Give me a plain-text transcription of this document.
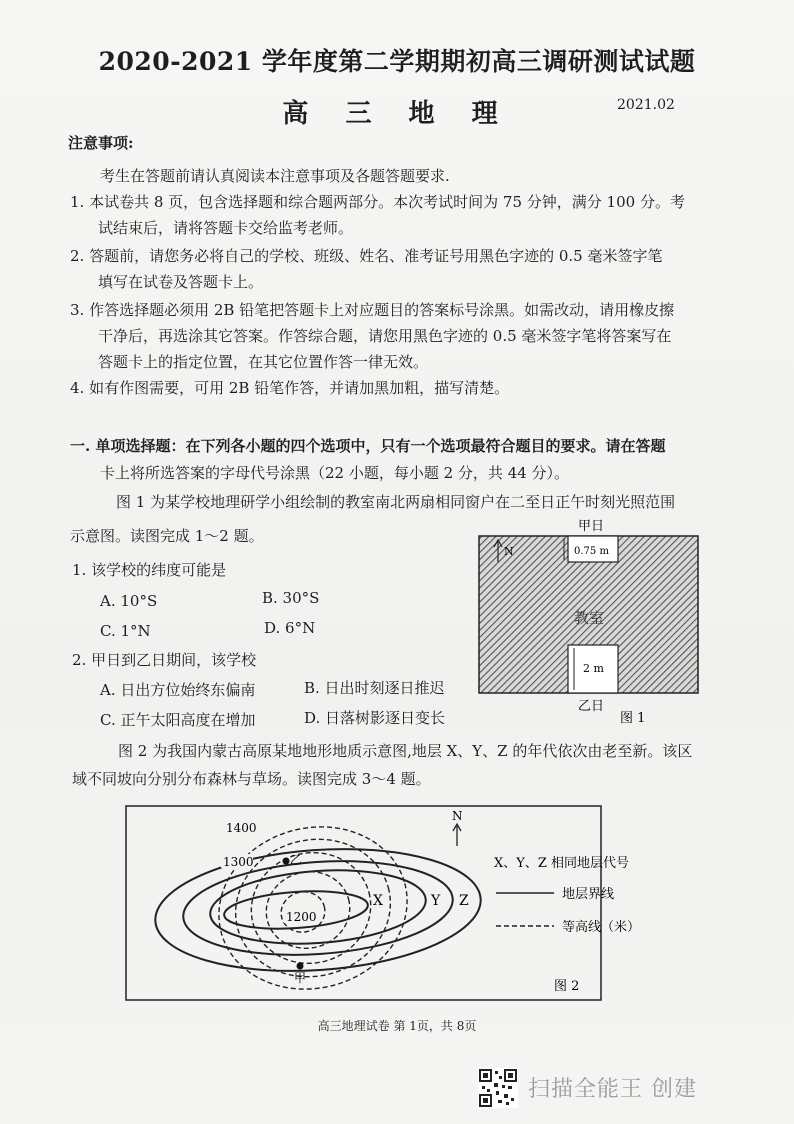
2020-2021 学年度第二学期期初高三调研测试试题
高 三 地 理	2021.02
注意事项:
考生在答题前请认真阅读本注意事项及各题答题要求.
1. 本试卷共 8 页，包含选择题和综合题两部分。本次考试时间为 75 分钟，满分 100 分。考
试结束后，请将答题卡交给监考老师。
2. 答题前，请您务必将自己的学校、班级、姓名、准考证号用黑色字迹的 0.5 毫米签字笔
填写在试卷及答题卡上。
3. 作答选择题必须用 2B 铅笔把答题卡上对应题目的答案标号涂黑。如需改动，请用橡皮擦
干净后，再选涂其它答案。作答综合题，请您用黑色字迹的 0.5 毫米签字笔将答案写在
答题卡上的指定位置，在其它位置作答一律无效。
4. 如有作图需要，可用 2B 铅笔作答，并请加黑加粗，描写清楚。
一. 单项选择题：在下列各小题的四个选项中，只有一个选项最符合题目的要求。请在答题
卡上将所选答案的字母代号涂黑（22 小题，每小题 2 分，共 44 分）。
图 1 为某学校地理研学小组绘制的教室南北两扇相同窗户在二至日正午时刻光照范围
示意图。读图完成 1～2 题。
1. 该学校的纬度可能是
A. 10°S	B. 30°S
C. 1°N	D. 6°N
2. 甲日到乙日期间，该学校
A. 日出方位始终东偏南	B. 日出时刻逐日推迟
C. 正午太阳高度在增加	D. 日落树影逐日变长
甲日
0.75 m
2 m
N
教室
乙日
图 1
图 2 为我国内蒙古高原某地地形地质示意图,地层 X、Y、Z 的年代依次由老至新。该区
域不同坡向分别分布森林与草场。读图完成 3～4 题。
1400
1300	乙
1200
甲
X	Y Z
N
X、Y、Z 相同地层代号
地层界线
等高线（米）
图 2
高三地理试卷 第 1页，共 8页
扫描全能王 创建
